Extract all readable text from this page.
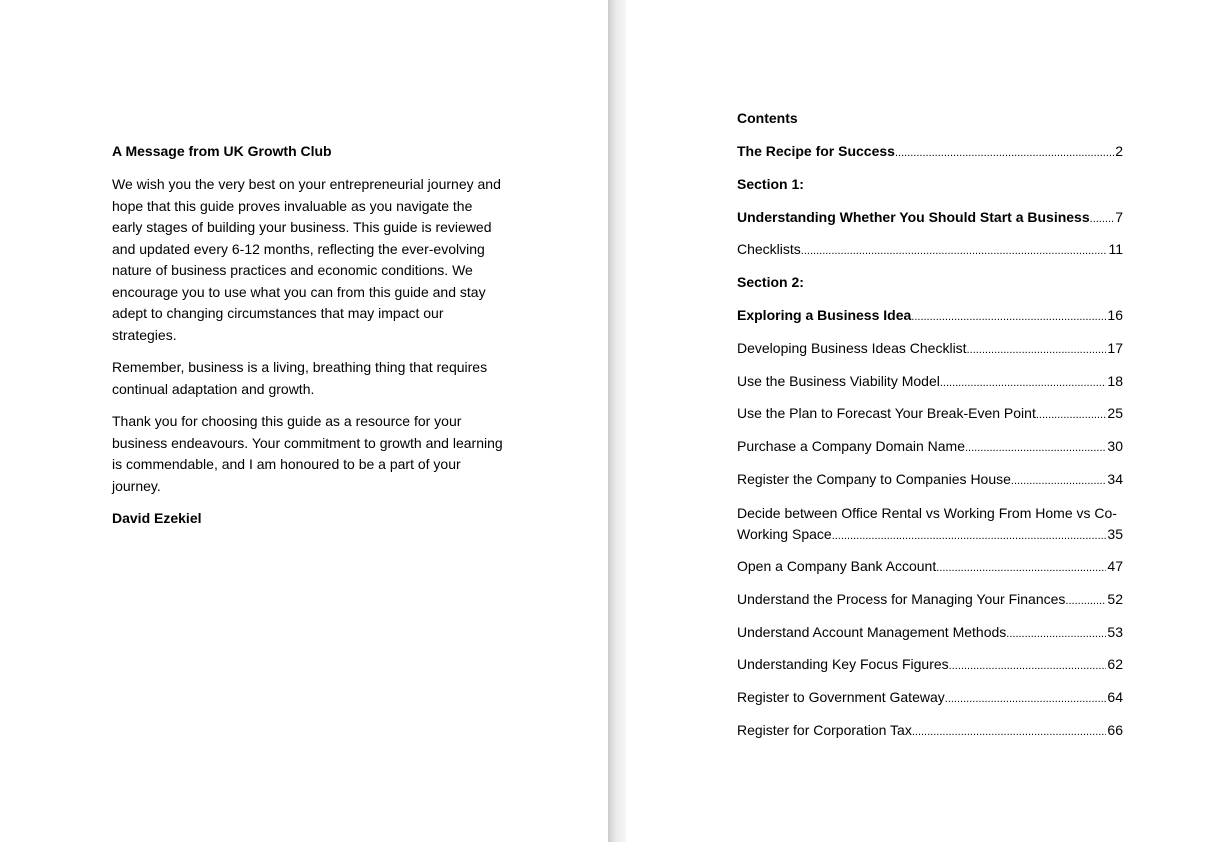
A Message from UK Growth Club

We wish you the very best on your entrepreneurial journey and hope that this guide proves invaluable as you navigate the early stages of building your business. This guide is reviewed and updated every 6-12 months, reflecting the ever-evolving nature of business practices and economic conditions. We encourage you to use what you can from this guide and stay adept to changing circumstances that may impact our strategies.

Remember, business is a living, breathing thing that requires continual adaptation and growth.

Thank you for choosing this guide as a resource for your business endeavours. Your commitment to growth and learning is commendable, and I am honoured to be a part of your journey.

David Ezekiel
Contents
The Recipe for Success .....	2
Section 1:
Understanding Whether You Should Start a Business ..... 7
Checklists .....	11
Section 2:
Exploring a Business Idea .....	16
Developing Business Ideas Checklist .....	17
Use the Business Viability Model .....	18
Use the Plan to Forecast Your Break-Even Point .....	25
Purchase a Company Domain Name .....	30
Register the Company to Companies House .....	34
Decide between Office Rental vs Working From Home vs Co-
Working Space .....	35
Open a Company Bank Account .....	47
Understand the Process for Managing Your Finances .....	52
Understand Account Management Methods .....	53
Understanding Key Focus Figures .....	62
Register to Government Gateway .....	64
Register for Corporation Tax .....	66
